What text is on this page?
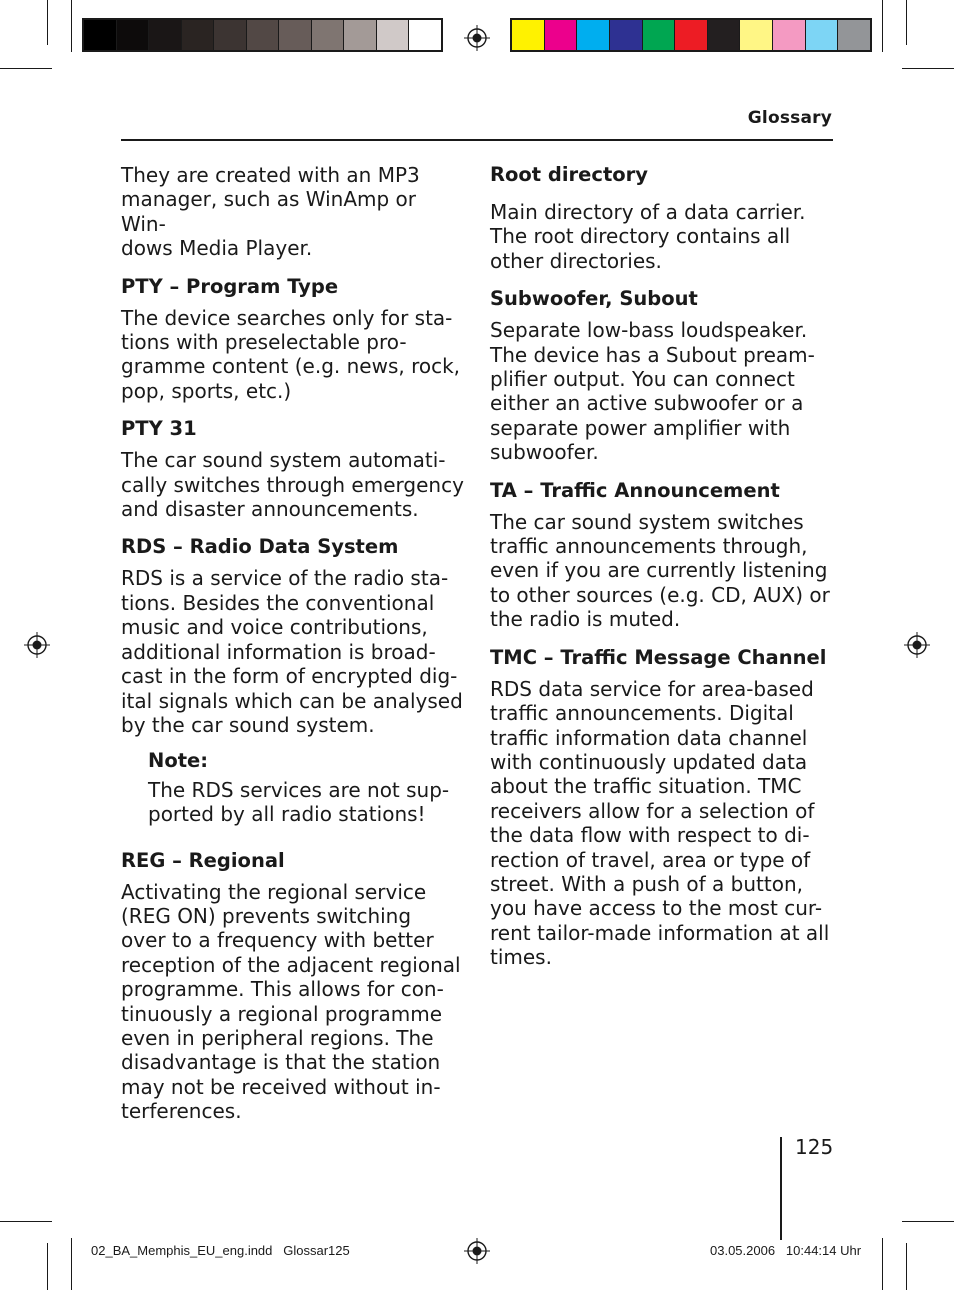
Glossary

They are created with an MP3
manager, such as WinAmp or Win-
dows Media Player.

PTY – Program Type

The device searches only for sta-
tions with preselectable pro-
gramme content (e.g. news, rock,
pop, sports, etc.)

PTY 31

The car sound system automati-
cally switches through emergency
and disaster announcements.

RDS – Radio Data System

RDS is a service of the radio sta-
tions. Besides the conventional
music and voice contributions,
additional information is broad-
cast in the form of encrypted dig-
ital signals which can be analysed
by the car sound system.

Note:

The RDS services are not sup-
ported by all radio stations!

REG – Regional

Activating the regional service
(REG ON) prevents switching
over to a frequency with better
reception of the adjacent regional
programme. This allows for con-
tinuously a regional programme
even in peripheral regions. The
disadvantage is that the station
may not be received without in-
terferences.

Root directory

Main directory of a data carrier.
The root directory contains all
other directories.

Subwoofer, Subout

Separate low-bass loudspeaker.
The device has a Subout pream-
plifier output. You can connect
either an active subwoofer or a
separate power amplifier with
subwoofer.

TA – Traffic Announcement

The car sound system switches
traffic announcements through,
even if you are currently listening
to other sources (e.g. CD, AUX) or
the radio is muted.

TMC – Traffic Message Channel

RDS data service for area-based
traffic announcements. Digital
traffic information data channel
with continuously updated data
about the traffic situation. TMC
receivers allow for a selection of
the data flow with respect to di-
rection of travel, area or type of
street. With a push of a button,
you have access to the most cur-
rent tailor-made information at all
times.

125
02_BA_Memphis_EU_eng.indd   Glossar125	03.05.2006   10:44:14 Uhr
